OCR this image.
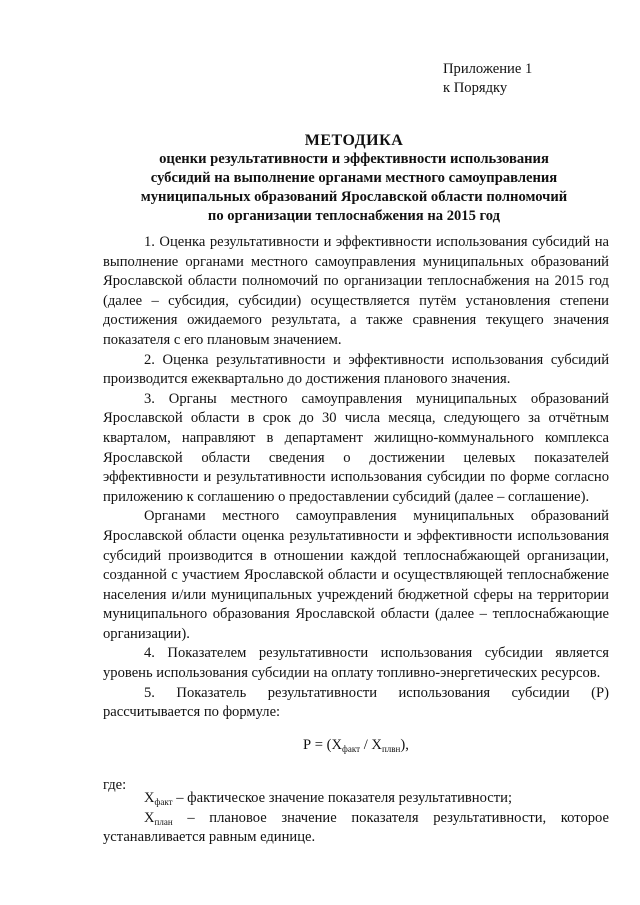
Приложение 1
к Порядку
МЕТОДИКА
оценки результативности и эффективности использования
субсидий на выполнение органами местного самоуправления
муниципальных образований Ярославской области полномочий
по организации теплоснабжения на 2015 год

1. Оценка результативности и эффективности использования субсидий на выполнение органами местного самоуправления муниципальных образований Ярославской области полномочий по организации теплоснабжения на 2015 год (далее – субсидия, субсидии) осуществляется путём установления степени достижения ожидаемого результата, а также сравнения текущего значения показателя с его плановым значением.

2. Оценка результативности и эффективности использования субсидий производится ежеквартально до достижения планового значения.

3. Органы местного самоуправления муниципальных образований Ярославской области в срок до 30 числа месяца, следующего за отчётным кварталом, направляют в департамент жилищно-коммунального комплекса Ярославской области сведения о достижении целевых показателей эффективности и результативности использования субсидии по форме согласно приложению к соглашению о предоставлении субсидий (далее – соглашение).

Органами местного самоуправления муниципальных образований Ярославской области оценка результативности и эффективности использования субсидий производится в отношении каждой теплоснабжающей организации, созданной с участием Ярославской области и осуществляющей теплоснабжение населения и/или муниципальных учреждений бюджетной сферы на территории муниципального образования Ярославской области (далее – теплоснабжающие организации).

4. Показателем результативности использования субсидии является уровень использования субсидии на оплату топливно-энергетических ресурсов.

5. Показатель результативности использования субсидии (Р) рассчитывается по формуле:

$Р = (Х_{факт} / Х_{плвн})$,
где:

$Х_{факт}$ – фактическое значение показателя результативности;

$Х_{план}$ – плановое значение показателя результативности, которое устанавливается равным единице.
